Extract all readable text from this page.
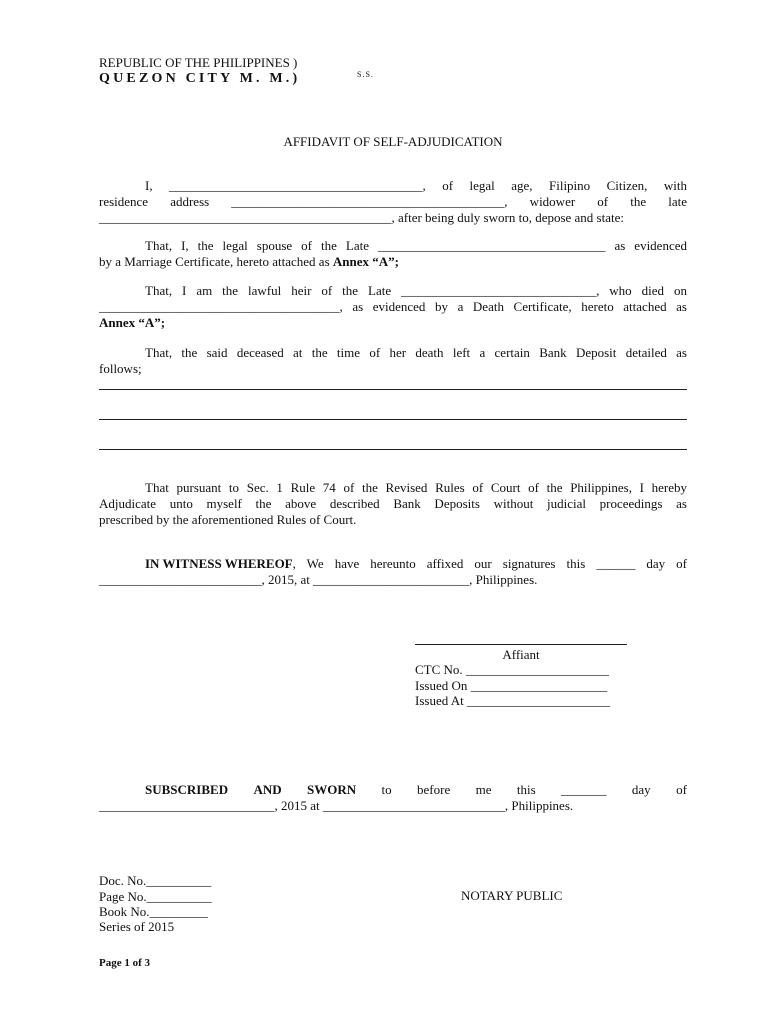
REPUBLIC OF THE PHILIPPINES )
QUEZON CITY M. M.)	S.S.
AFFIDAVIT OF SELF-ADJUDICATION
I, _______________________________________, of legal age, Filipino Citizen, with
residence address __________________________________________, widower of the late
_____________________________________________, after being duly sworn to, depose and state:
That, I, the legal spouse of the Late ___________________________________ as evidenced
by a Marriage Certificate, hereto attached as Annex “A”;
That, I am the lawful heir of the Late ______________________________, who died on
_____________________________________, as evidenced by a Death Certificate, hereto attached as
Annex “A”;
That, the said deceased at the time of her death left a certain Bank Deposit detailed as
follows;
That pursuant to Sec. 1 Rule 74 of the Revised Rules of Court of the Philippines, I hereby
Adjudicate unto myself the above described Bank Deposits without judicial proceedings as
prescribed by the aforementioned Rules of Court.
IN WITNESS WHEREOF , We have hereunto affixed our signatures this ______ day of
_________________________, 2015, at ________________________, Philippines.
Affiant
CTC No. ______________________
Issued On _____________________
Issued At ______________________
SUBSCRIBED AND SWORN to before me this _______ day of
___________________________, 2015 at ____________________________, Philippines.
Doc. No.__________
Page No.__________
Book No._________
Series of 2015
NOTARY PUBLIC
Page 1 of 3
